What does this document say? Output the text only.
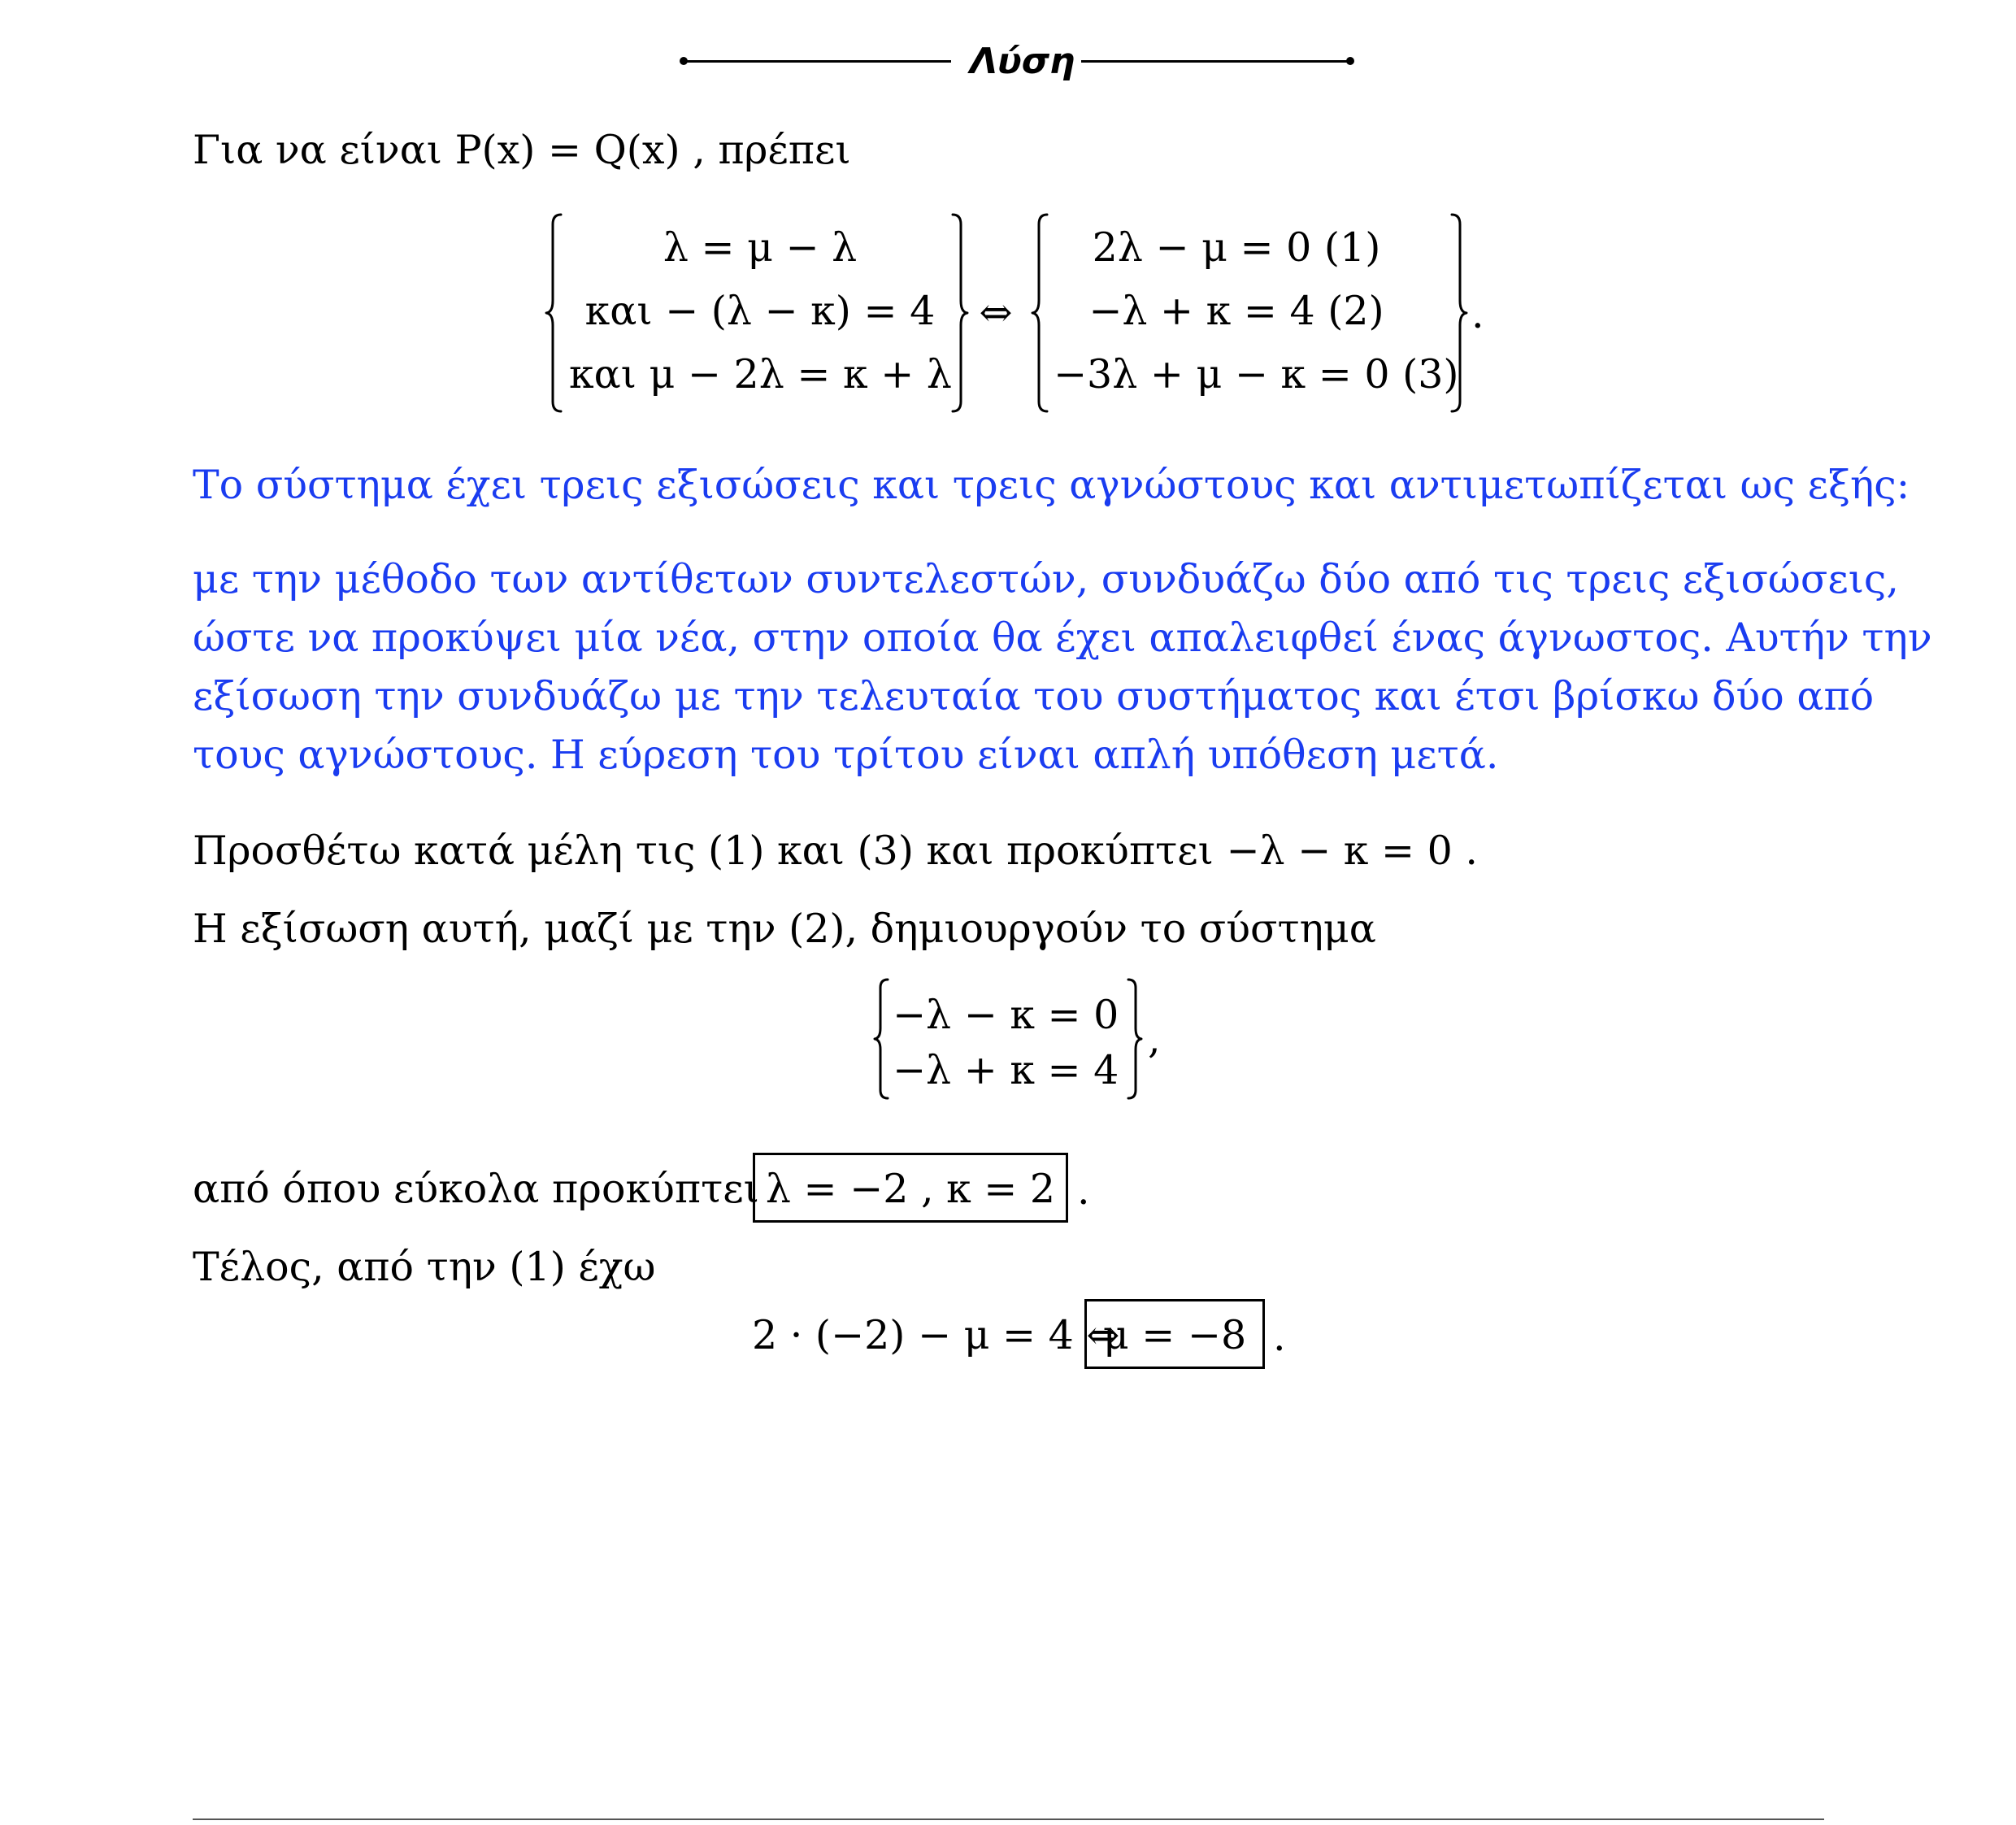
Λύση
Για να είναι P(x) = Q(x) , πρέπει
λ = μ − λ
και − (λ − κ) = 4
και μ − 2λ = κ + λ
⇔
2λ − μ = 0 (1)
−λ + κ = 4 (2)
−3λ + μ − κ = 0 (3)
.
Το σύστημα έχει τρεις εξισώσεις και τρεις αγνώστους και αντιμετωπίζεται ως εξής:
με την μέθοδο των αντίθετων συντελεστών, συνδυάζω δύο από τις τρεις εξισώσεις,
ώστε να προκύψει μία νέα, στην οποία θα έχει απαλειφθεί ένας άγνωστος. Αυτήν την
εξίσωση την συνδυάζω με την τελευταία του συστήματος και έτσι βρίσκω δύο από
τους αγνώστους. Η εύρεση του τρίτου είναι απλή υπόθεση μετά.
Προσθέτω κατά μέλη τις (1) και (3) και προκύπτει −λ − κ = 0 .
Η εξίσωση αυτή, μαζί με την (2), δημιουργούν το σύστημα
−λ − κ = 0
−λ + κ = 4
,
από όπου εύκολα προκύπτει λ = −2 , κ = 2 .
Τέλος, από την (1) έχω
2 · (−2) − μ = 4 ⇔
μ = −8 .
